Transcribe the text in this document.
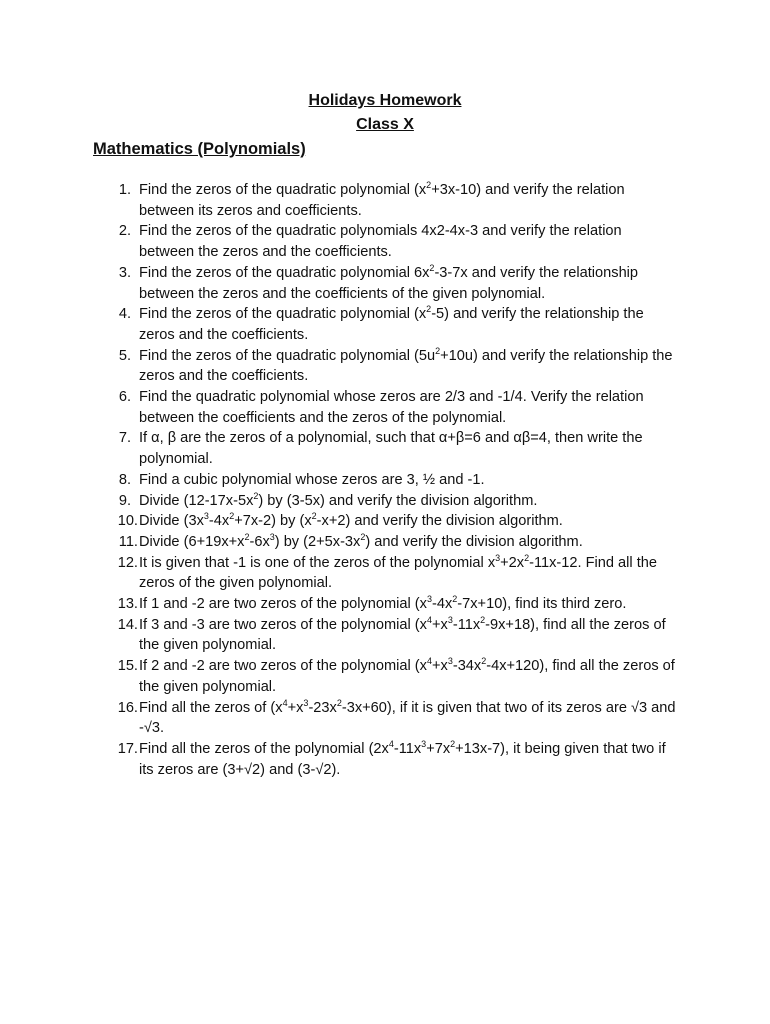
Holidays Homework
Class X
Mathematics (Polynomials)
1. Find the zeros of the quadratic polynomial $(x^2+3x-10)$ and verify the relation between its zeros and coefficients.
2. Find the zeros of the quadratic polynomials 4x2-4x-3 and verify the relation between the zeros and the coefficients.
3. Find the zeros of the quadratic polynomial $6x^2-3-7x$ and verify the relationship between the zeros and the coefficients of the given polynomial.
4. Find the zeros of the quadratic polynomial $(x^2-5)$ and verify the relationship the zeros and the coefficients.
5. Find the zeros of the quadratic polynomial $(5u^2+10u)$ and verify the relationship the zeros and the coefficients.
6. Find the quadratic polynomial whose zeros are 2/3 and -1/4. Verify the relation between the coefficients and the zeros of the polynomial.
7. If α, β are the zeros of a polynomial, such that α+β=6 and αβ=4, then write the polynomial.
8. Find a cubic polynomial whose zeros are 3, ½ and -1.
9. Divide $(12-17x-5x^2)$ by (3-5x) and verify the division algorithm.
10. Divide $(3x^3-4x^2+7x-2)$ by $(x^2-x+2)$ and verify the division algorithm.
11. Divide $(6+19x+x^2-6x^3)$ by $(2+5x-3x^2)$ and verify the division algorithm.
12. It is given that -1 is one of the zeros of the polynomial $x^3+2x^2-11x-12$. Find all the zeros of the given polynomial.
13. If 1 and -2 are two zeros of the polynomial $(x^3-4x^2-7x+10)$, find its third zero.
14. If 3 and -3 are two zeros of the polynomial $(x^4+x^3-11x^2-9x+18)$, find all the zeros of the given polynomial.
15. If 2 and -2 are two zeros of the polynomial $(x^4+x^3-34x^2-4x+120)$, find all the zeros of the given polynomial.
16. Find all the zeros of $(x^4+x^3-23x^2-3x+60)$, if it is given that two of its zeros are √3 and -√3.
17. Find all the zeros of the polynomial $(2x^4-11x^3+7x^2+13x-7)$, it being given that two if its zeros are (3+√2) and (3-√2).
